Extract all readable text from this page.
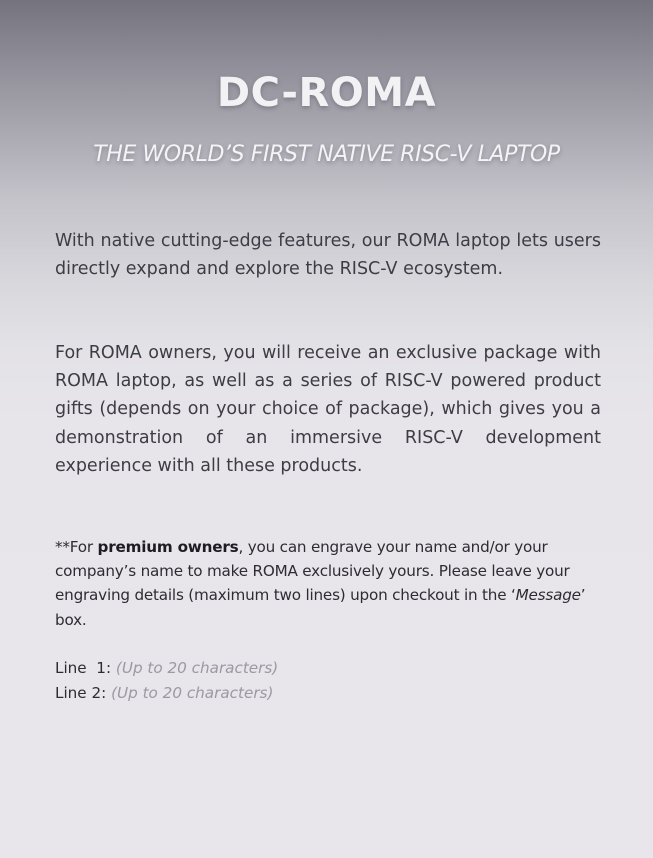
DC-ROMA
THE WORLD’S FIRST NATIVE RISC-V LAPTOP
With native cutting-edge features, our ROMA laptop lets users directly expand and explore the RISC-V ecosystem.
For ROMA owners, you will receive an exclusive package with ROMA laptop, as well as a series of RISC-V powered product gifts (depends on your choice of package), which gives you a demonstration of an immersive RISC-V development experience with all these products.
**For premium owners, you can engrave your name and/or your company’s name to make ROMA exclusively yours. Please leave your engraving details (maximum two lines) upon checkout in the ‘Message’ box.
Line  1: (Up to 20 characters)
Line 2: (Up to 20 characters)
